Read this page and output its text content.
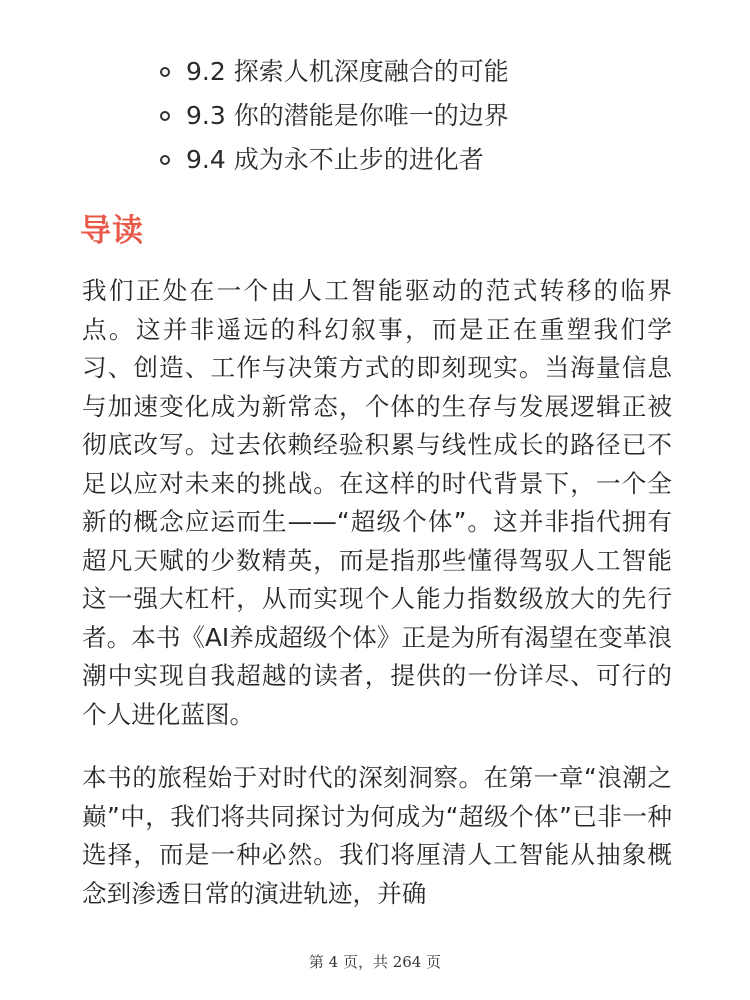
9.2 探索人机深度融合的可能
9.3 你的潜能是你唯一的边界
9.4 成为永不止步的进化者
导读

我们正处在一个由人工智能驱动的范式转移的临界点。这并非遥远的科幻叙事，而是正在重塑我们学习、创造、工作与决策方式的即刻现实。当海量信息与加速变化成为新常态，个体的生存与发展逻辑正被彻底改写。过去依赖经验积累与线性成长的路径已不足以应对未来的挑战。在这样的时代背景下，一个全新的概念应运而生——“超级个体”。这并非指代拥有超凡天赋的少数精英，而是指那些懂得驾驭人工智能这一强大杠杆，从而实现个人能力指数级放大的先行者。本书《AI养成超级个体》正是为所有渴望在变革浪潮中实现自我超越的读者，提供的一份详尽、可行的个人进化蓝图。

本书的旅程始于对时代的深刻洞察。在第一章“浪潮之巅”中，我们将共同探讨为何成为“超级个体”已非一种选择，而是一种必然。我们将厘清人工智能从抽象概念到渗透日常的演进轨迹，并确

第 4 页，共 264 页
